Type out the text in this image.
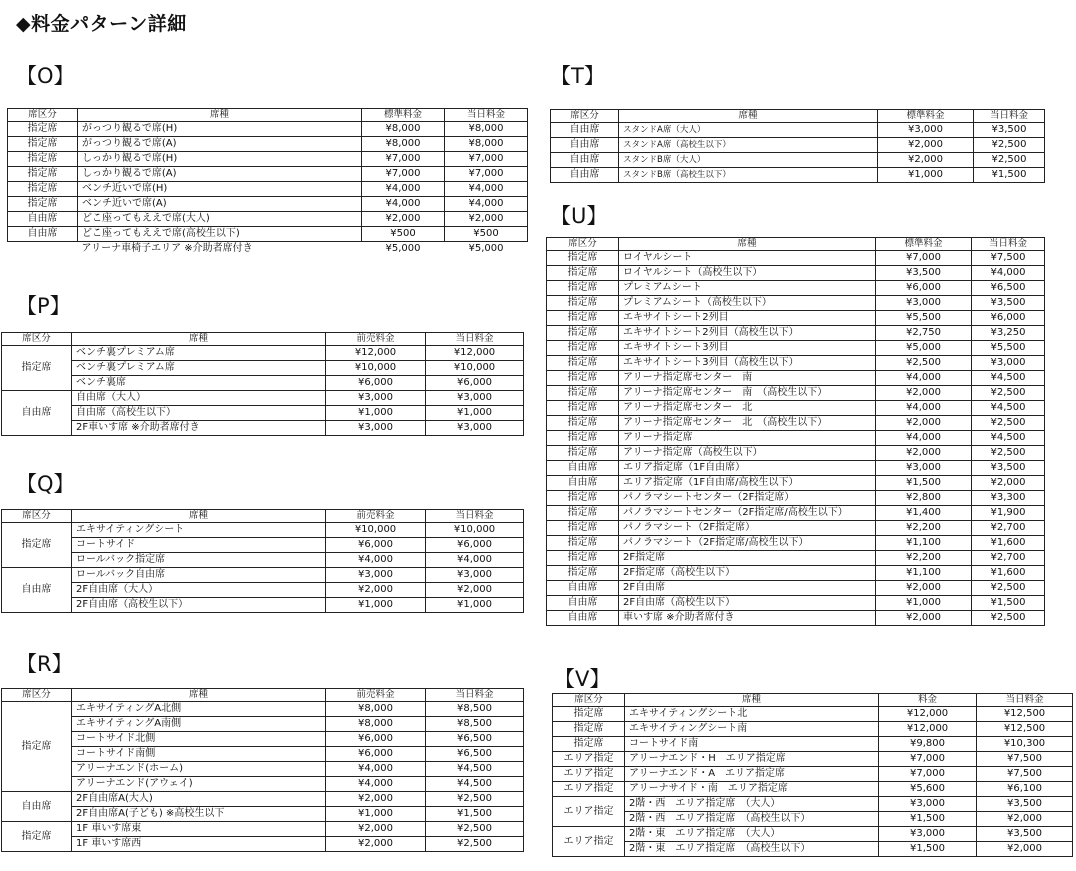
◆料金パターン詳細
【O】
席区分	席種	標準料金	当日料金
指定席	がっつり観るで席(H)	¥8,000	¥8,000
指定席	がっつり観るで席(A)	¥8,000	¥8,000
指定席	しっかり観るで席(H)	¥7,000	¥7,000
指定席	しっかり観るで席(A)	¥7,000	¥7,000
指定席	ベンチ近いで席(H)	¥4,000	¥4,000
指定席	ベンチ近いで席(A)	¥4,000	¥4,000
自由席	どこ座ってもええで席(大人)	¥2,000	¥2,000
自由席	どこ座ってもええで席(高校生以下)	¥500	¥500
	アリーナ車椅子エリア ※介助者席付き	¥5,000	¥5,000
【P】
席区分	席種	前売料金	当日料金
指定席	ベンチ裏プレミアム席	¥12,000	¥12,000
	ベンチ裏プレミアム席	¥10,000	¥10,000
	ベンチ裏席	¥6,000	¥6,000
自由席	自由席（大人）	¥3,000	¥3,000
	自由席（高校生以下）	¥1,000	¥1,000
	2F車いす席 ※介助者席付き	¥3,000	¥3,000
【Q】
席区分	席種	前売料金	当日料金
指定席	エキサイティングシート	¥10,000	¥10,000
	コートサイド	¥6,000	¥6,000
	ロールバック指定席	¥4,000	¥4,000
自由席	ロールバック自由席	¥3,000	¥3,000
	2F自由席（大人）	¥2,000	¥2,000
	2F自由席（高校生以下）	¥1,000	¥1,000
【R】
席区分	席種	前売料金	当日料金
指定席	エキサイティングA北側	¥8,000	¥8,500
	エキサイティングA南側	¥8,000	¥8,500
	コートサイド北側	¥6,000	¥6,500
	コートサイド南側	¥6,000	¥6,500
	アリーナエンド(ホーム)	¥4,000	¥4,500
	アリーナエンド(アウェイ)	¥4,000	¥4,500
自由席	2F自由席A(大人)	¥2,000	¥2,500
	2F自由席A(子ども) ※高校生以下	¥1,000	¥1,500
指定席	1F 車いす席東	¥2,000	¥2,500
	1F 車いす席西	¥2,000	¥2,500
【T】
席区分	席種	標準料金	当日料金
自由席	スタンドA席（大人）	¥3,000	¥3,500
自由席	スタンドA席（高校生以下）	¥2,000	¥2,500
自由席	スタンドB席（大人）	¥2,000	¥2,500
自由席	スタンドB席（高校生以下）	¥1,000	¥1,500
【U】
席区分	席種	標準料金	当日料金
指定席	ロイヤルシート	¥7,000	¥7,500
指定席	ロイヤルシート（高校生以下）	¥3,500	¥4,000
指定席	プレミアムシート	¥6,000	¥6,500
指定席	プレミアムシート（高校生以下）	¥3,000	¥3,500
指定席	エキサイトシート2列目	¥5,500	¥6,000
指定席	エキサイトシート2列目（高校生以下）	¥2,750	¥3,250
指定席	エキサイトシート3列目	¥5,000	¥5,500
指定席	エキサイトシート3列目（高校生以下）	¥2,500	¥3,000
指定席	アリーナ指定席センター　南	¥4,000	¥4,500
指定席	アリーナ指定席センター　南　（高校生以下）	¥2,000	¥2,500
指定席	アリーナ指定席センター　北	¥4,000	¥4,500
指定席	アリーナ指定席センター　北　（高校生以下）	¥2,000	¥2,500
指定席	アリーナ指定席	¥4,000	¥4,500
指定席	アリーナ指定席（高校生以下）	¥2,000	¥2,500
自由席	エリア指定席（1F自由席）	¥3,000	¥3,500
自由席	エリア指定席（1F自由席/高校生以下）	¥1,500	¥2,000
指定席	パノラマシートセンター（2F指定席）	¥2,800	¥3,300
指定席	パノラマシートセンター（2F指定席/高校生以下）	¥1,400	¥1,900
指定席	パノラマシート（2F指定席）	¥2,200	¥2,700
指定席	パノラマシート（2F指定席/高校生以下）	¥1,100	¥1,600
指定席	2F指定席	¥2,200	¥2,700
指定席	2F指定席（高校生以下）	¥1,100	¥1,600
自由席	2F自由席	¥2,000	¥2,500
自由席	2F自由席（高校生以下）	¥1,000	¥1,500
自由席	車いす席 ※介助者席付き	¥2,000	¥2,500
【V】
席区分	席種	料金	当日料金
指定席	エキサイティングシート北	¥12,000	¥12,500
指定席	エキサイティングシート南	¥12,000	¥12,500
指定席	コートサイド南	¥9,800	¥10,300
エリア指定	アリーナエンド・H　エリア指定席	¥7,000	¥7,500
エリア指定	アリーナエンド・A　エリア指定席	¥7,000	¥7,500
エリア指定	アリーナサイド・南　エリア指定席	¥5,600	¥6,100
エリア指定	2階・西　エリア指定席　（大人）	¥3,000	¥3,500
	2階・西　エリア指定席　（高校生以下）	¥1,500	¥2,000
エリア指定	2階・東　エリア指定席　（大人）	¥3,000	¥3,500
	2階・東　エリア指定席　（高校生以下）	¥1,500	¥2,000
